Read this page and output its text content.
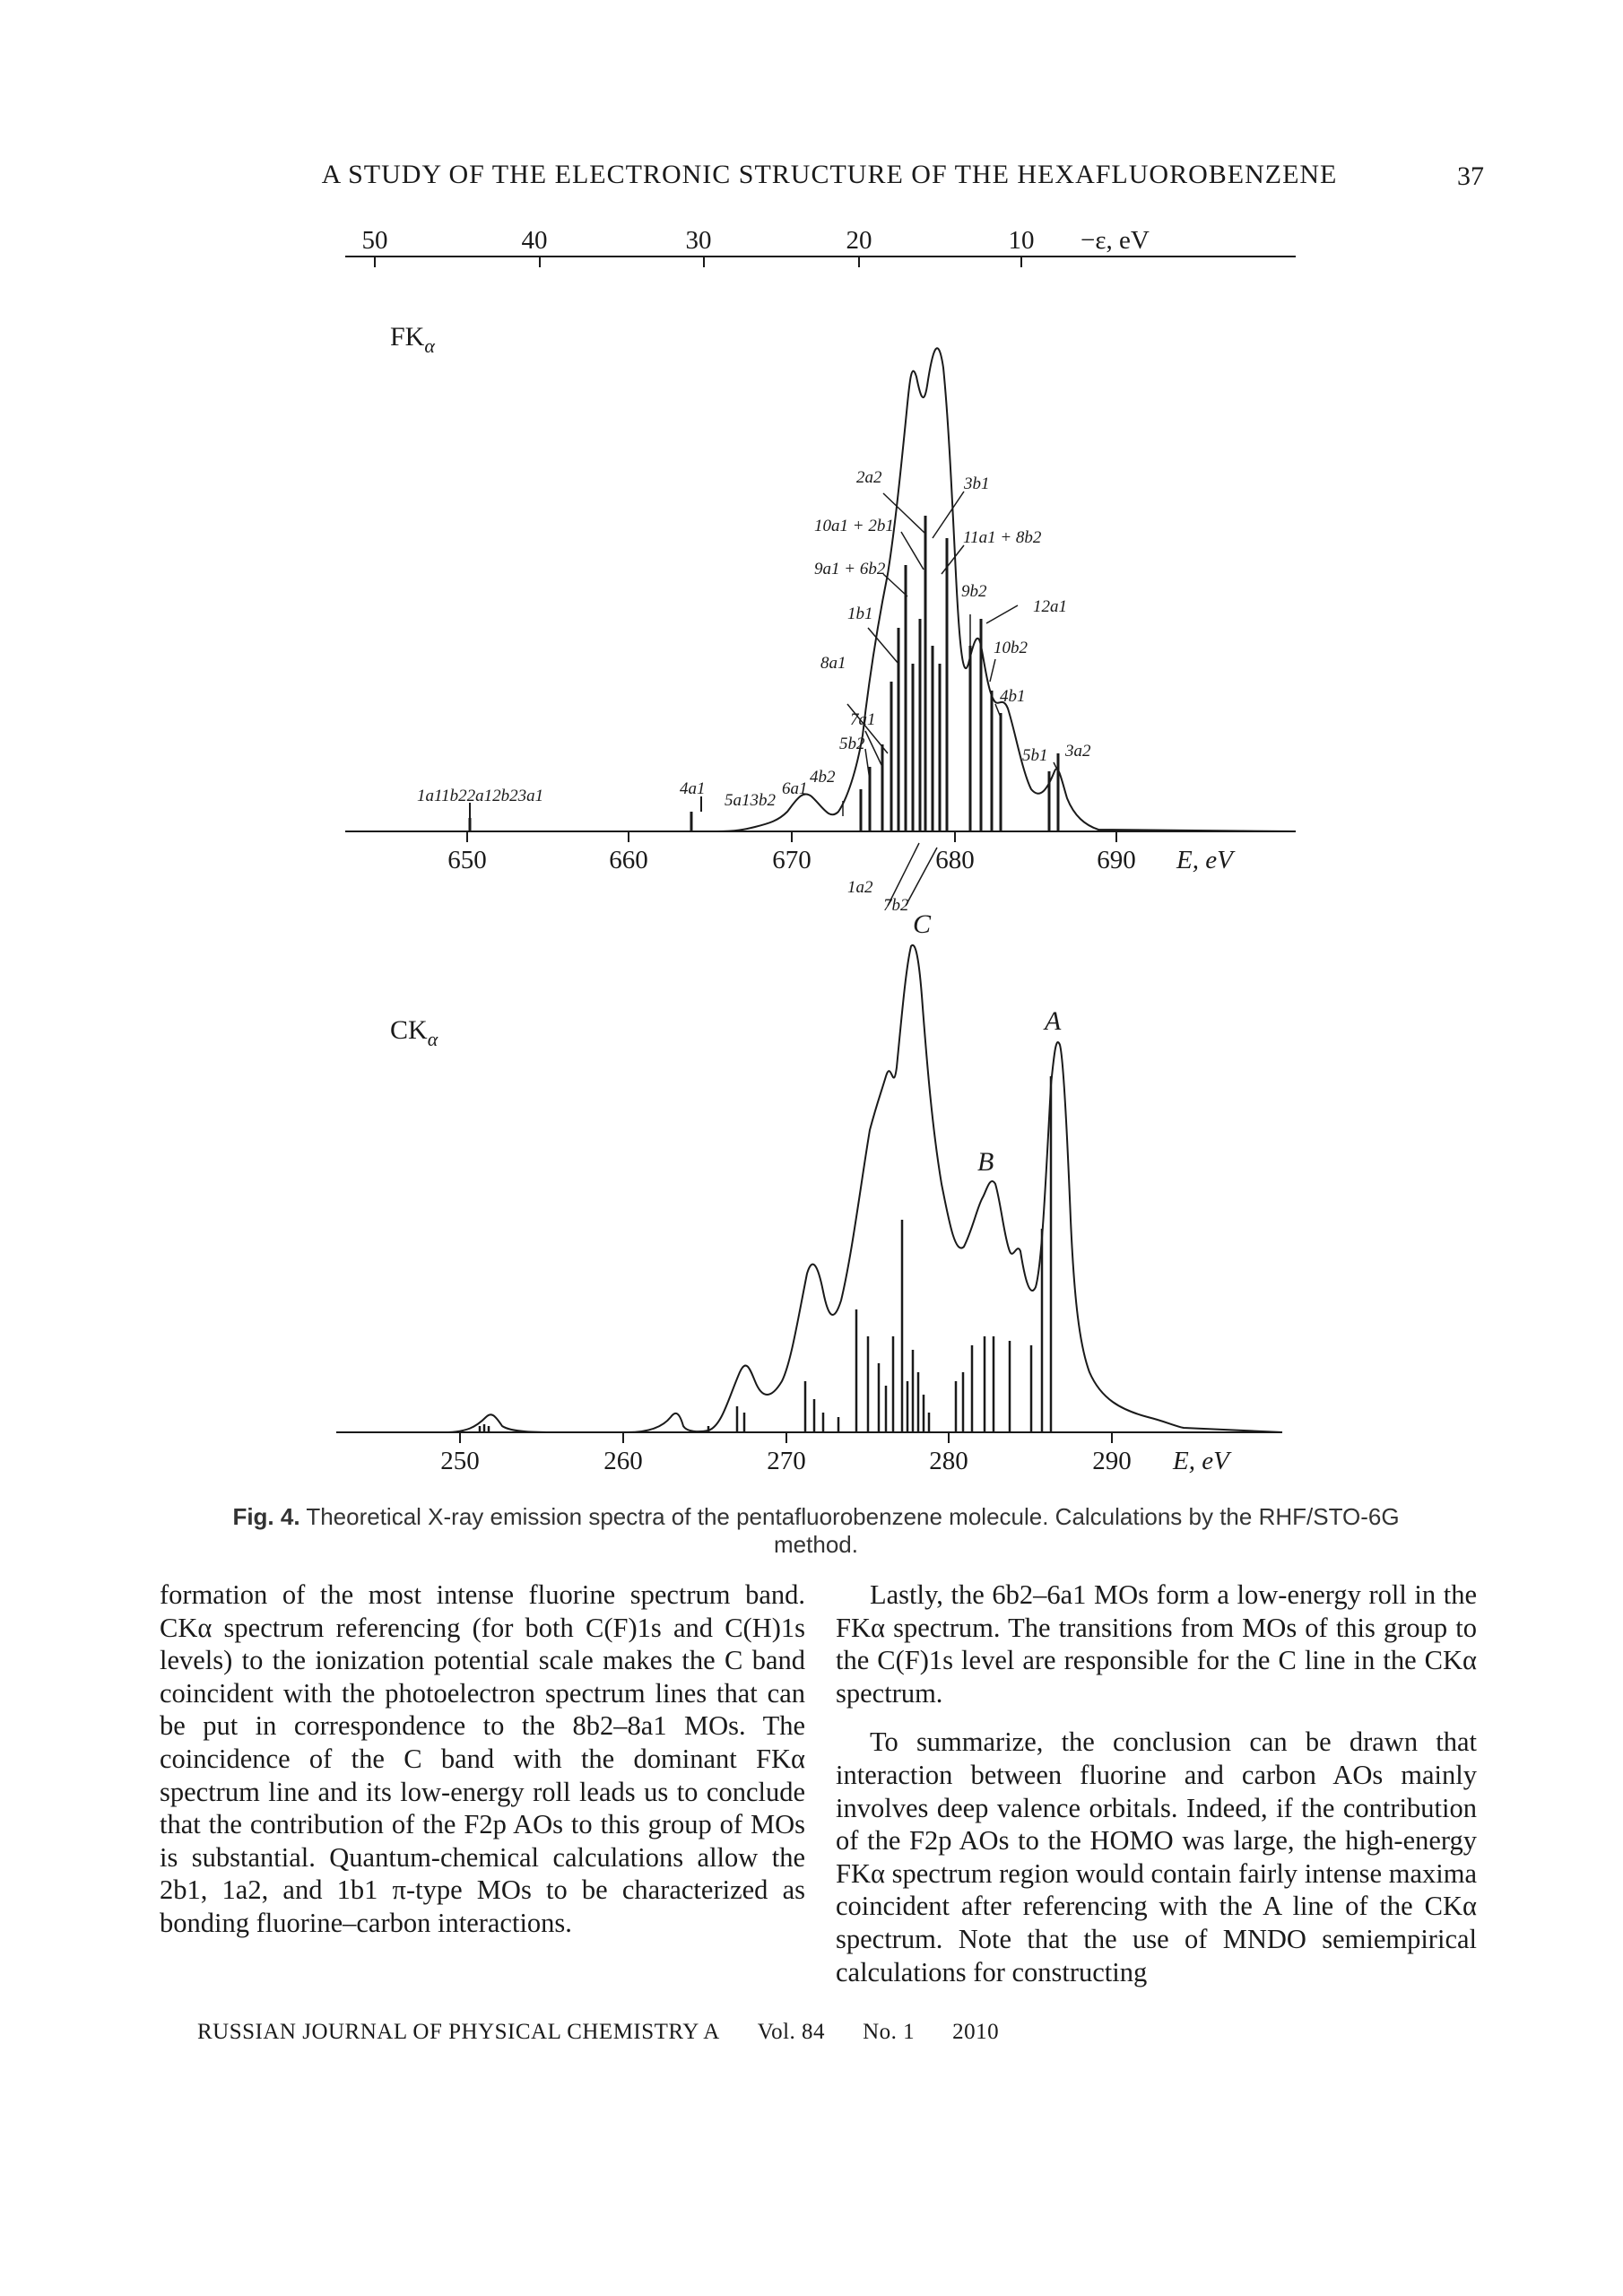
A STUDY OF THE ELECTRONIC STRUCTURE OF THE HEXAFLUOROBENZENE	37
50	40	30	20	10 −ε, eV
$FK_\alpha$
650	660	670	680	690 E, eV
2a2	3b1
10a1 + 2b1
11a1 + 8b2
9a1 + 6b2
9b2
12a1
1b1
10b2
8a1
4b1
7a1
5b2
5b1 3a2
4b2
6a1
1a11b22a12b23a1	4a1
5a13b2
1a2
7b2
$CK_\alpha$
C
A
B
250	260	270	280	290 E, eV
Fig. 4. Theoretical X-ray emission spectra of the pentafluorobenzene molecule. Calculations by the RHF/STO-6G method.

formation of the most intense fluorine spectrum band. CKα spectrum referencing (for both C(F)1s and C(H)1s levels) to the ionization potential scale makes the C band coincident with the photoelectron spectrum lines that can be put in correspondence to the 8b2–8a1 MOs. The coincidence of the C band with the dominant FKα spectrum line and its low-energy roll leads us to conclude that the contribution of the F2p AOs to this group of MOs is substantial. Quantum-chemical calculations allow the 2b1, 1a2, and 1b1 π-type MOs to be characterized as bonding fluorine–carbon interactions.

Lastly, the 6b2–6a1 MOs form a low-energy roll in the FKα spectrum. The transitions from MOs of this group to the C(F)1s level are responsible for the C line in the CKα spectrum.

To summarize, the conclusion can be drawn that interaction between fluorine and carbon AOs mainly involves deep valence orbitals. Indeed, if the contribution of the F2p AOs to the HOMO was large, the high-energy FKα spectrum region would contain fairly intense maxima coincident after referencing with the A line of the CKα spectrum. Note that the use of MNDO semiempirical calculations for constructing

RUSSIAN JOURNAL OF PHYSICAL CHEMISTRY A Vol. 84 No. 1 2010
